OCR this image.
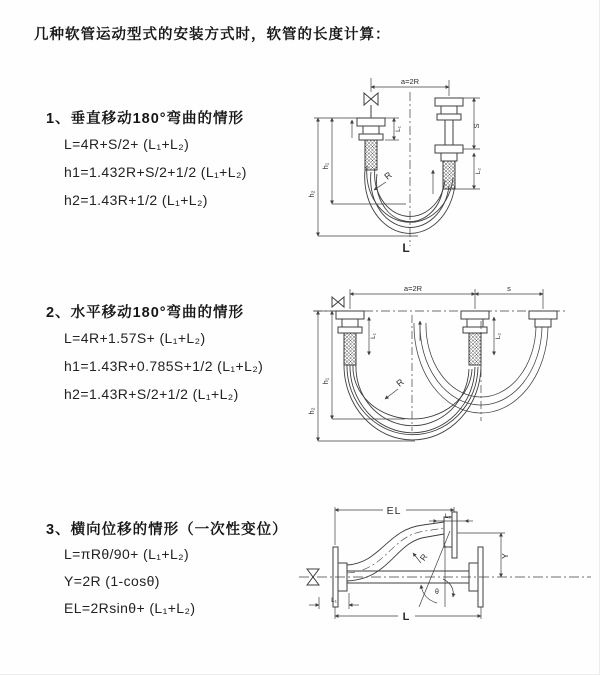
几种软管运动型式的安装方式时，软管的长度计算：
1、垂直移动180°弯曲的情形
L=4R+S/2+ (L₁+L₂)
h1=1.432R+S/2+1/2 (L₁+L₂)
h2=1.43R+1/2 (L₁+L₂)
2、水平移动180°弯曲的情形
L=4R+1.57S+ (L₁+L₂)
h1=1.43R+0.785S+1/2 (L₁+L₂)
h2=1.43R+S/2+1/2 (L₁+L₂)
3、横向位移的情形（一次性变位）
L=πRθ/90+ (L₁+L₂)
Y=2R (1-cosθ)
EL=2Rsinθ+ (L₁+L₂)
a=2R
S
L₂
L₁
h₁
h₂
R
L
a=2R	s
L₁	L₂
h₁
h₂
R
EL	L₂
Y
R
θ
L₁
L
